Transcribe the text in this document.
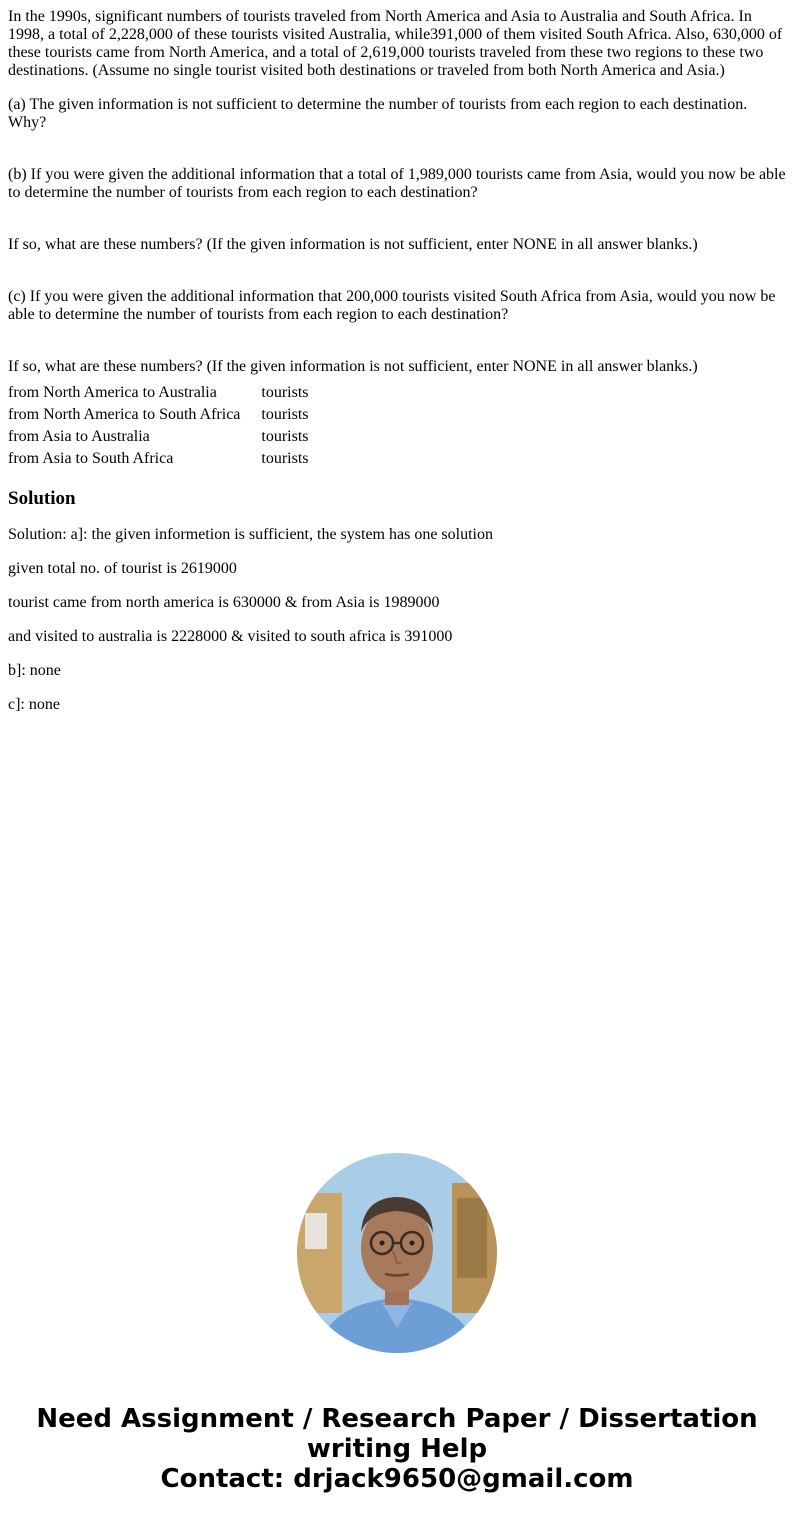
In the 1990s, significant numbers of tourists traveled from North America and Asia to Australia and South Africa. In 1998, a total of 2,228,000 of these tourists visited Australia, while391,000 of them visited South Africa. Also, 630,000 of these tourists came from North America, and a total of 2,619,000 tourists traveled from these two regions to these two destinations. (Assume no single tourist visited both destinations or traveled from both North America and Asia.)

(a) The given information is not sufficient to determine the number of tourists from each region to each destination. Why?

(b) If you were given the additional information that a total of 1,989,000 tourists came from Asia, would you now be able to determine the number of tourists from each region to each destination?

If so, what are these numbers? (If the given information is not sufficient, enter NONE in all answer blanks.)

(c) If you were given the additional information that 200,000 tourists visited South Africa from Asia, would you now be able to determine the number of tourists from each region to each destination?

If so, what are these numbers? (If the given information is not sufficient, enter NONE in all answer blanks.)

from North America to Australia	tourists
from North America to South Africa	tourists
from Asia to Australia	tourists
from Asia to South Africa	tourists
Solution

Solution: a]: the given informetion is sufficient, the system has one solution

given total no. of tourist is 2619000

tourist came from north america is 630000 & from Asia is 1989000

and visited to australia is 2228000 & visited to south africa is 391000

b]: none

c]: none

Need Assignment / Research Paper / Dissertation
writing Help
Contact: drjack9650@gmail.com
